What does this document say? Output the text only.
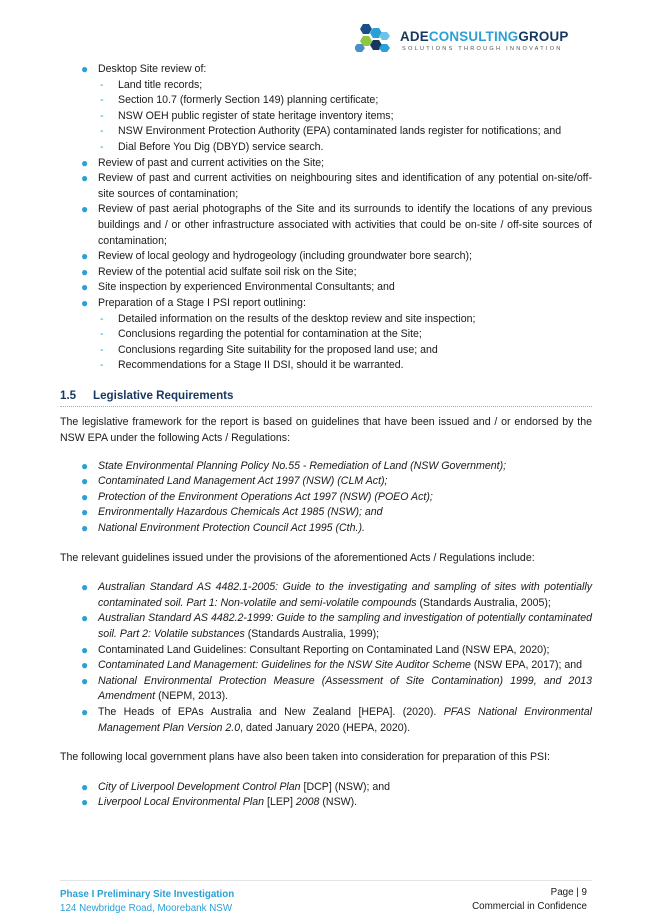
ADECONSULTINGGROUP
SOLUTIONS THROUGH INNOVATION
● Desktop Site review of:
- Land title records;
- Section 10.7 (formerly Section 149) planning certificate;
- NSW OEH public register of state heritage inventory items;
- NSW Environment Protection Authority (EPA) contaminated lands register for notifications; and
- Dial Before You Dig (DBYD) service search.
● Review of past and current activities on the Site;
● Review of past and current activities on neighbouring sites and identification of any potential on-site/off-site sources of contamination;
● Review of past aerial photographs of the Site and its surrounds to identify the locations of any previous buildings and / or other infrastructure associated with activities that could be on-site / off-site sources of contamination;
● Review of local geology and hydrogeology (including groundwater bore search);
● Review of the potential acid sulfate soil risk on the Site;
● Site inspection by experienced Environmental Consultants; and
● Preparation of a Stage I PSI report outlining:
- Detailed information on the results of the desktop review and site inspection;
- Conclusions regarding the potential for contamination at the Site;
- Conclusions regarding Site suitability for the proposed land use; and
- Recommendations for a Stage II DSI, should it be warranted.
1.5 Legislative Requirements

The legislative framework for the report is based on guidelines that have been issued and / or endorsed by the NSW EPA under the following Acts / Regulations:

● State Environmental Planning Policy No.55 - Remediation of Land (NSW Government);
● Contaminated Land Management Act 1997 (NSW) (CLM Act);
● Protection of the Environment Operations Act 1997 (NSW) (POEO Act);
● Environmentally Hazardous Chemicals Act 1985 (NSW); and
● National Environment Protection Council Act 1995 (Cth.).

The relevant guidelines issued under the provisions of the aforementioned Acts / Regulations include:

● Australian Standard AS 4482.1-2005: Guide to the investigating and sampling of sites with potentially contaminated soil. Part 1: Non-volatile and semi-volatile compounds (Standards Australia, 2005);
● Australian Standard AS 4482.2-1999: Guide to the sampling and investigation of potentially contaminated soil. Part 2: Volatile substances (Standards Australia, 1999);
● Contaminated Land Guidelines: Consultant Reporting on Contaminated Land (NSW EPA, 2020);
● Contaminated Land Management: Guidelines for the NSW Site Auditor Scheme (NSW EPA, 2017); and
● National Environmental Protection Measure (Assessment of Site Contamination) 1999, and 2013 Amendment (NEPM, 2013).
● The Heads of EPAs Australia and New Zealand [HEPA]. (2020). PFAS National Environmental Management Plan Version 2.0, dated January 2020 (HEPA, 2020).

The following local government plans have also been taken into consideration for preparation of this PSI:

● City of Liverpool Development Control Plan [DCP] (NSW); and
● Liverpool Local Environmental Plan [LEP] 2008 (NSW).
Phase I Preliminary Site Investigation
124 Newbridge Road, Moorebank NSW
Page | 9
Commercial in Confidence
